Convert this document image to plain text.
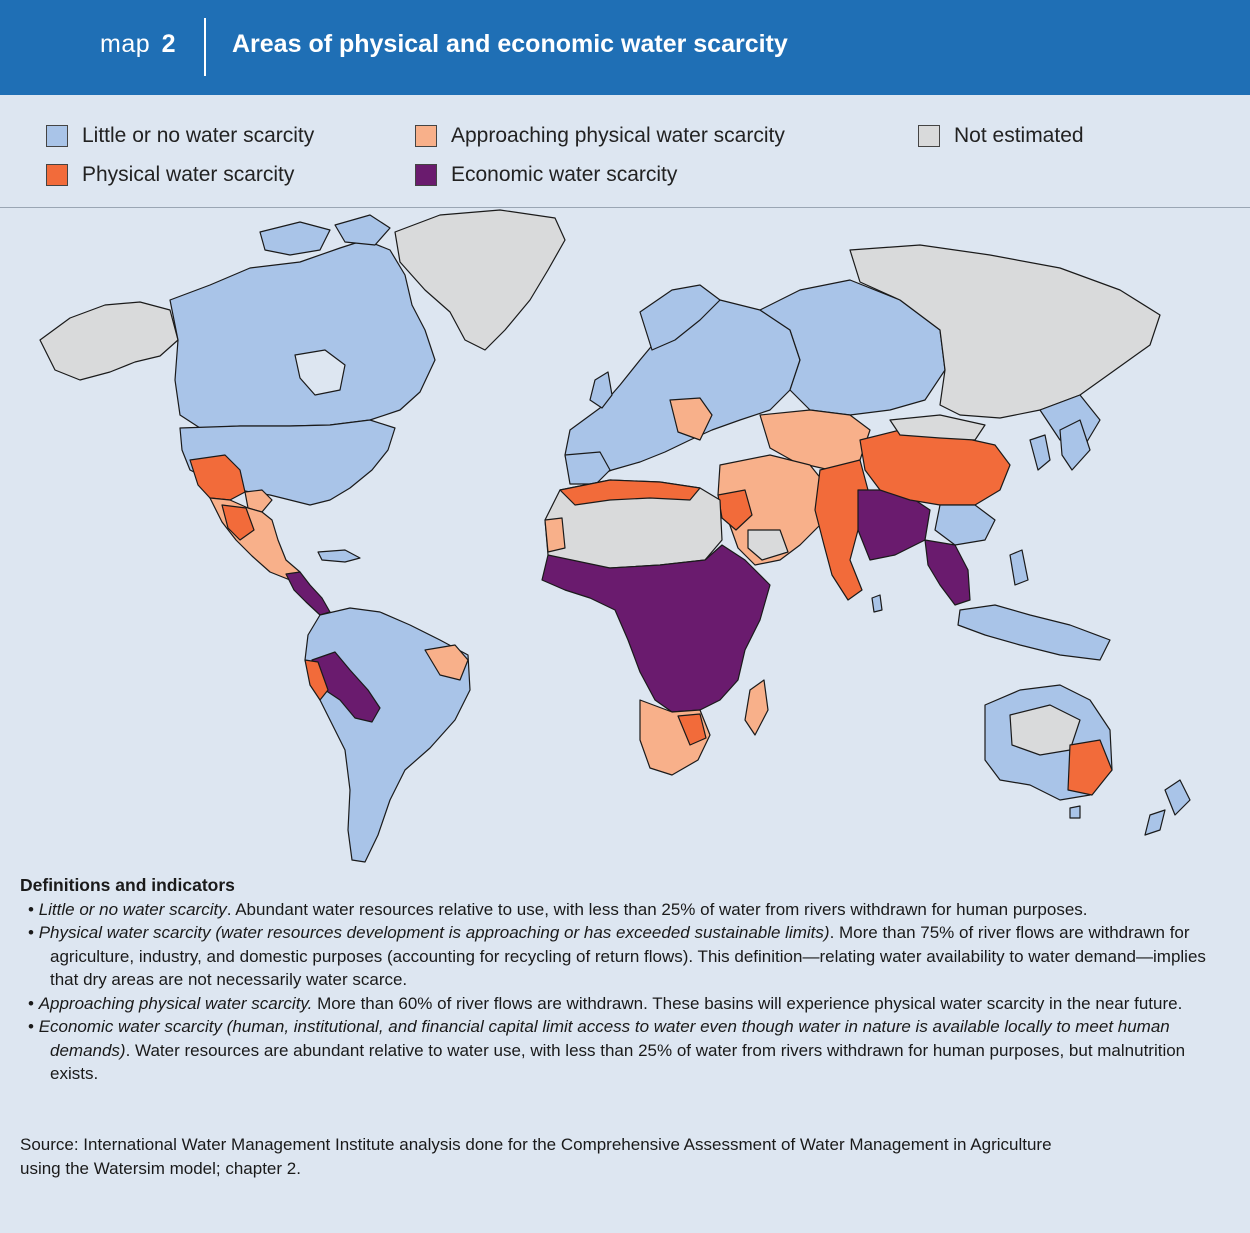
map 2 Areas of physical and economic water scarcity
Little or no water scarcity
Physical water scarcity
Approaching physical water scarcity
Economic water scarcity
Not estimated
Definitions and indicators
• Little or no water scarcity. Abundant water resources relative to use, with less than 25% of water from rivers withdrawn for human purposes.
• Physical water scarcity (water resources development is approaching or has exceeded sustainable limits). More than 75% of river flows are withdrawn for agriculture, industry, and domestic purposes (accounting for recycling of return flows). This definition—relating water availability to water demand—implies that dry areas are not necessarily water scarce.
• Approaching physical water scarcity. More than 60% of river flows are withdrawn. These basins will experience physical water scarcity in the near future.
• Economic water scarcity (human, institutional, and financial capital limit access to water even though water in nature is available locally to meet human demands). Water resources are abundant relative to water use, with less than 25% of water from rivers withdrawn for human purposes, but malnutrition exists.
Source: International Water Management Institute analysis done for the Comprehensive Assessment of Water Management in Agriculture using the Watersim model; chapter 2.
